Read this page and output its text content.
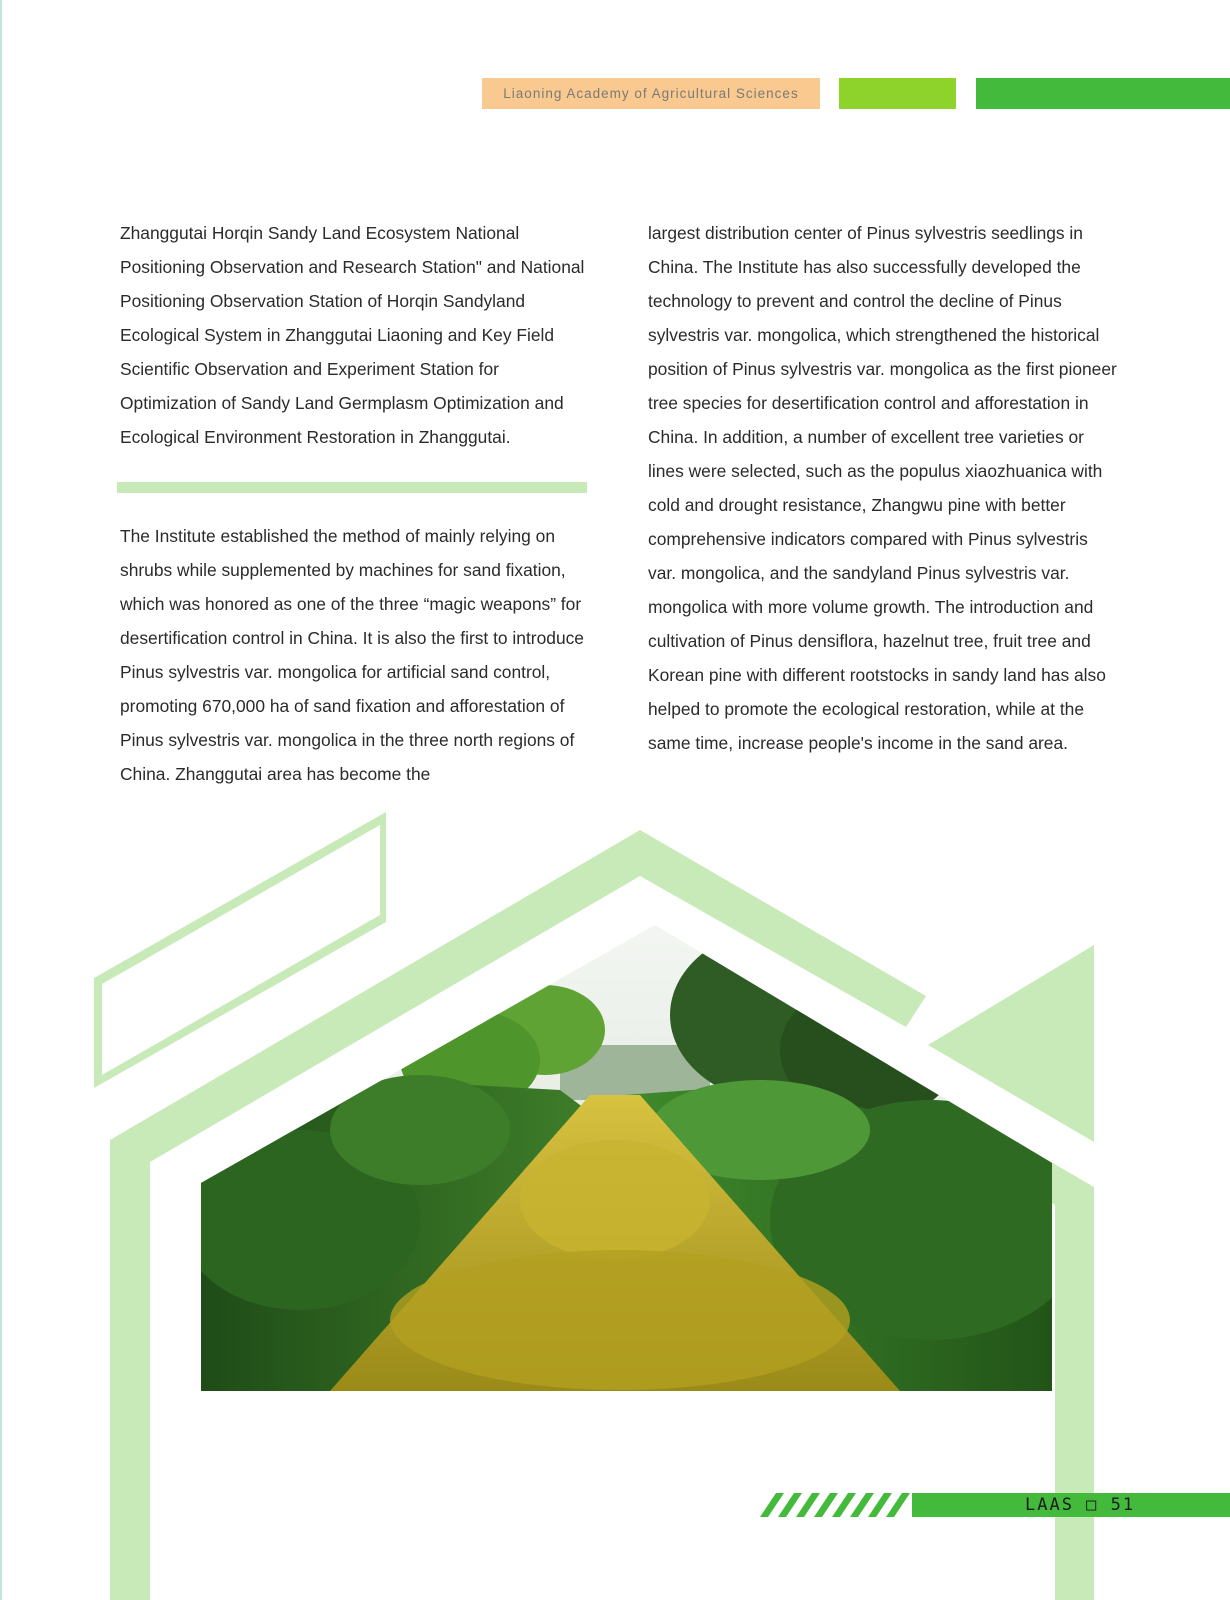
Liaoning Academy of Agricultural Sciences

Zhanggutai Horqin Sandy Land Ecosystem National Positioning Observation and Research Station" and National Positioning Observation Station of Horqin Sandyland Ecological System in Zhanggutai Liaoning and Key Field Scientific Observation and Experiment Station for Optimization of Sandy Land Germplasm Optimization and Ecological Environment Restoration in Zhanggutai.

The Institute established the method of mainly relying on shrubs while supplemented by machines for sand fixation, which was honored as one of the three “magic weapons” for desertification control in China. It is also the first to introduce Pinus sylvestris var. mongolica for artificial sand control, promoting 670,000 ha of sand fixation and afforestation of Pinus sylvestris var. mongolica in the three north regions of China. Zhanggutai area has become the

largest distribution center of Pinus sylvestris seedlings in China. The Institute has also successfully developed the technology to prevent and control the decline of Pinus sylvestris var. mongolica, which strengthened the historical position of Pinus sylvestris var. mongolica as the first pioneer tree species for desertification control and afforestation in China. In addition, a number of excellent tree varieties or lines were selected, such as the populus xiaozhuanica with cold and drought resistance, Zhangwu pine with better comprehensive indicators compared with Pinus sylvestris var. mongolica, and the sandyland Pinus sylvestris var. mongolica with more volume growth. The introduction and cultivation of Pinus densiflora, hazelnut tree, fruit tree and Korean pine with different rootstocks in sandy land has also helped to promote the ecological restoration, while at the same time, increase people's income in the sand area.

LAAS □ 51
